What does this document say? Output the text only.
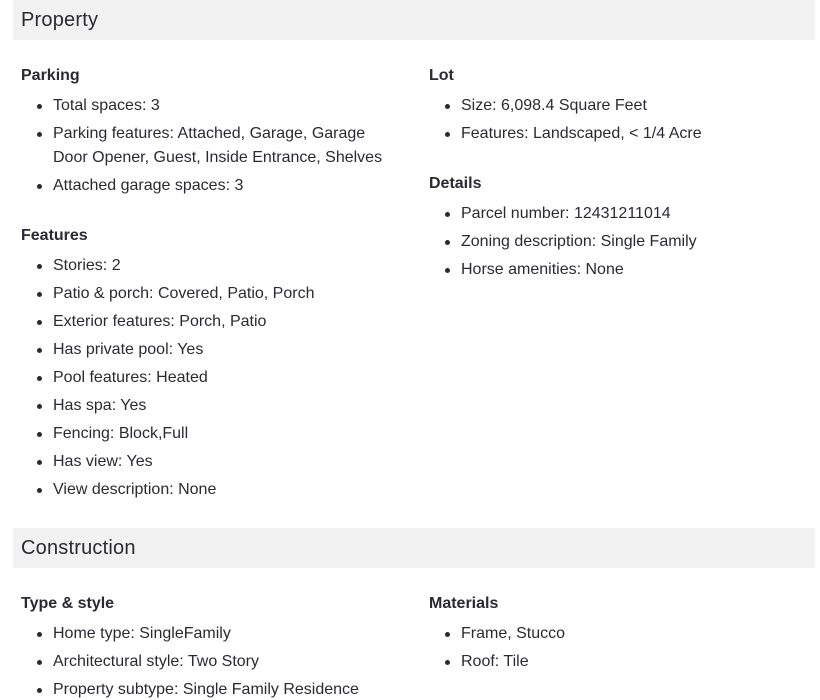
Property
Parking
Total spaces: 3
Parking features: Attached, Garage, Garage Door Opener, Guest, Inside Entrance, Shelves
Attached garage spaces: 3
Lot
Size: 6,098.4 Square Feet
Features: Landscaped, < 1/4 Acre
Features
Stories: 2
Patio & porch: Covered, Patio, Porch
Exterior features: Porch, Patio
Has private pool: Yes
Pool features: Heated
Has spa: Yes
Fencing: Block,Full
Has view: Yes
View description: None
Details
Parcel number: 12431211014
Zoning description: Single Family
Horse amenities: None
Construction
Type & style
Home type: SingleFamily
Architectural style: Two Story
Property subtype: Single Family Residence
Materials
Frame, Stucco
Roof: Tile
